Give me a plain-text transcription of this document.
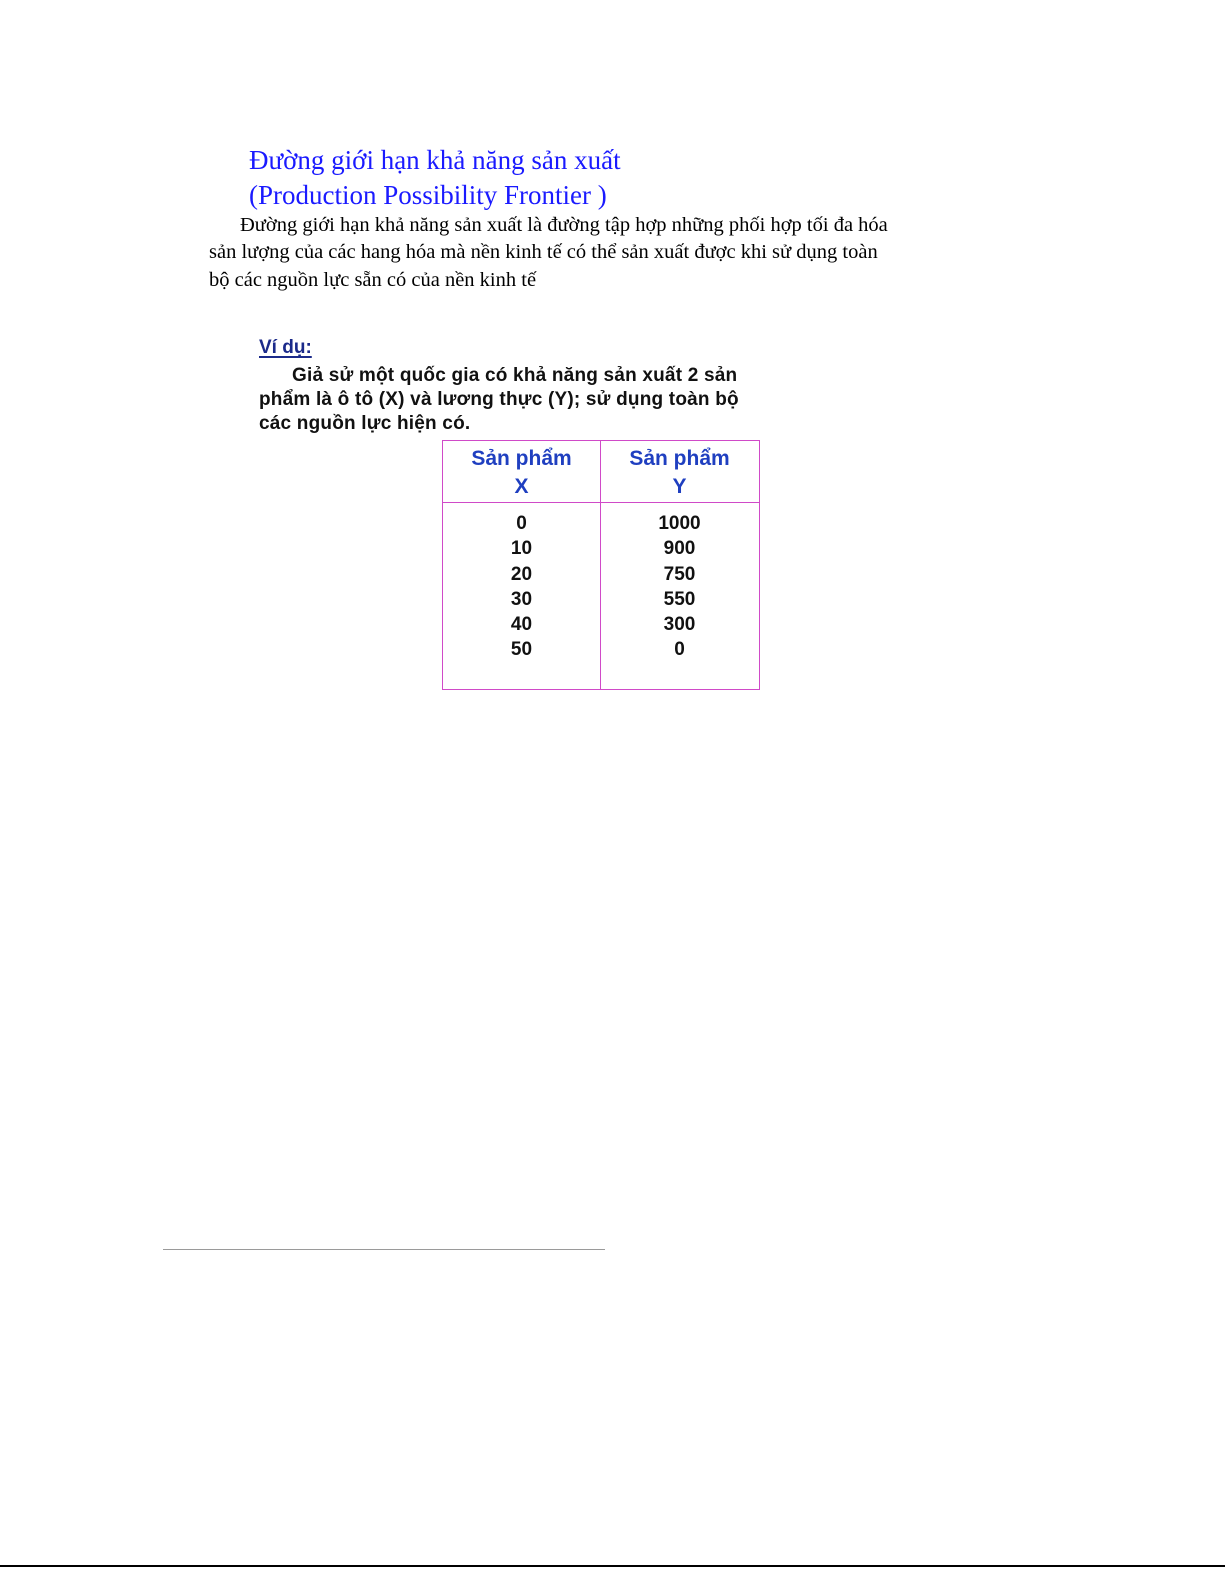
Đường giới hạn khả năng sản xuất
(Production Possibility Frontier )
Đường giới hạn khả năng sản xuất là đường tập hợp những phối hợp tối đa hóa
sản lượng của các hang hóa mà nền kinh tế có thể sản xuất được khi sử dụng toàn
bộ các nguồn lực sẵn có của nền kinh tế
Ví dụ:
Giả sử một quốc gia có khả năng sản xuất 2 sản
phẩm là ô tô (X) và lương thực (Y); sử dụng toàn bộ
các nguồn lực hiện có.
Sản phẩm
X
Sản phẩm
Y
0
10
20
30
40
50
1000
900
750
550
300
0
